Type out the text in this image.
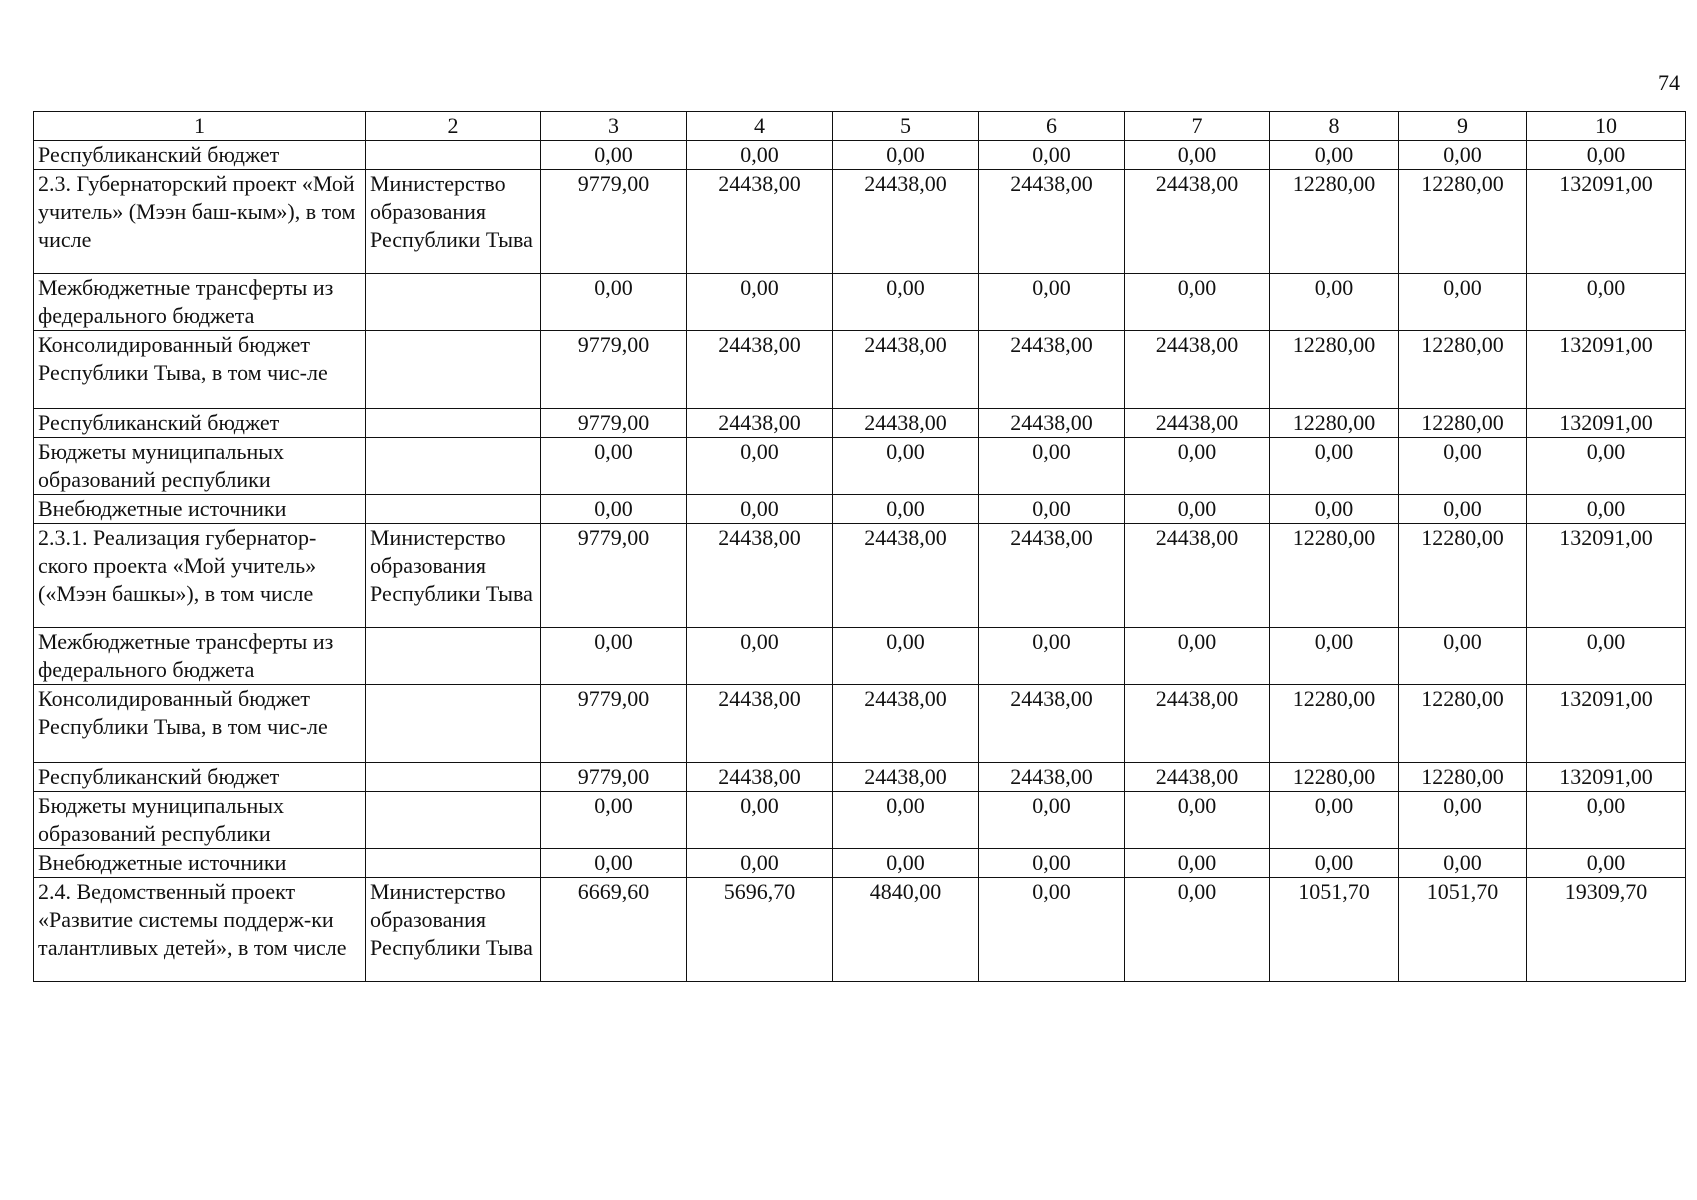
74
1	2	3	4	5	6	7	8	9	10
Республиканский бюджет		0,00	0,00	0,00	0,00	0,00	0,00	0,00	0,00
2.3. Губернаторский проект «Мой учитель» (Мээн баш-кым»), в том числе	Министерство образования Республики Тыва	9779,00	24438,00	24438,00	24438,00	24438,00	12280,00	12280,00	132091,00
Межбюджетные трансферты из федерального бюджета		0,00	0,00	0,00	0,00	0,00	0,00	0,00	0,00
Консолидированный бюджет Республики Тыва, в том чис-ле		9779,00	24438,00	24438,00	24438,00	24438,00	12280,00	12280,00	132091,00
Республиканский бюджет		9779,00	24438,00	24438,00	24438,00	24438,00	12280,00	12280,00	132091,00
Бюджеты муниципальных образований республики		0,00	0,00	0,00	0,00	0,00	0,00	0,00	0,00
Внебюджетные источники		0,00	0,00	0,00	0,00	0,00	0,00	0,00	0,00
2.3.1. Реализация губернатор-ского проекта «Мой учитель» («Мээн башкы»), в том числе	Министерство образования Республики Тыва	9779,00	24438,00	24438,00	24438,00	24438,00	12280,00	12280,00	132091,00
Межбюджетные трансферты из федерального бюджета		0,00	0,00	0,00	0,00	0,00	0,00	0,00	0,00
Консолидированный бюджет Республики Тыва, в том чис-ле		9779,00	24438,00	24438,00	24438,00	24438,00	12280,00	12280,00	132091,00
Республиканский бюджет		9779,00	24438,00	24438,00	24438,00	24438,00	12280,00	12280,00	132091,00
Бюджеты муниципальных образований республики		0,00	0,00	0,00	0,00	0,00	0,00	0,00	0,00
Внебюджетные источники		0,00	0,00	0,00	0,00	0,00	0,00	0,00	0,00
2.4. Ведомственный проект «Развитие системы поддерж-ки талантливых детей», в том числе	Министерство образования Республики Тыва	6669,60	5696,70	4840,00	0,00	0,00	1051,70	1051,70	19309,70
